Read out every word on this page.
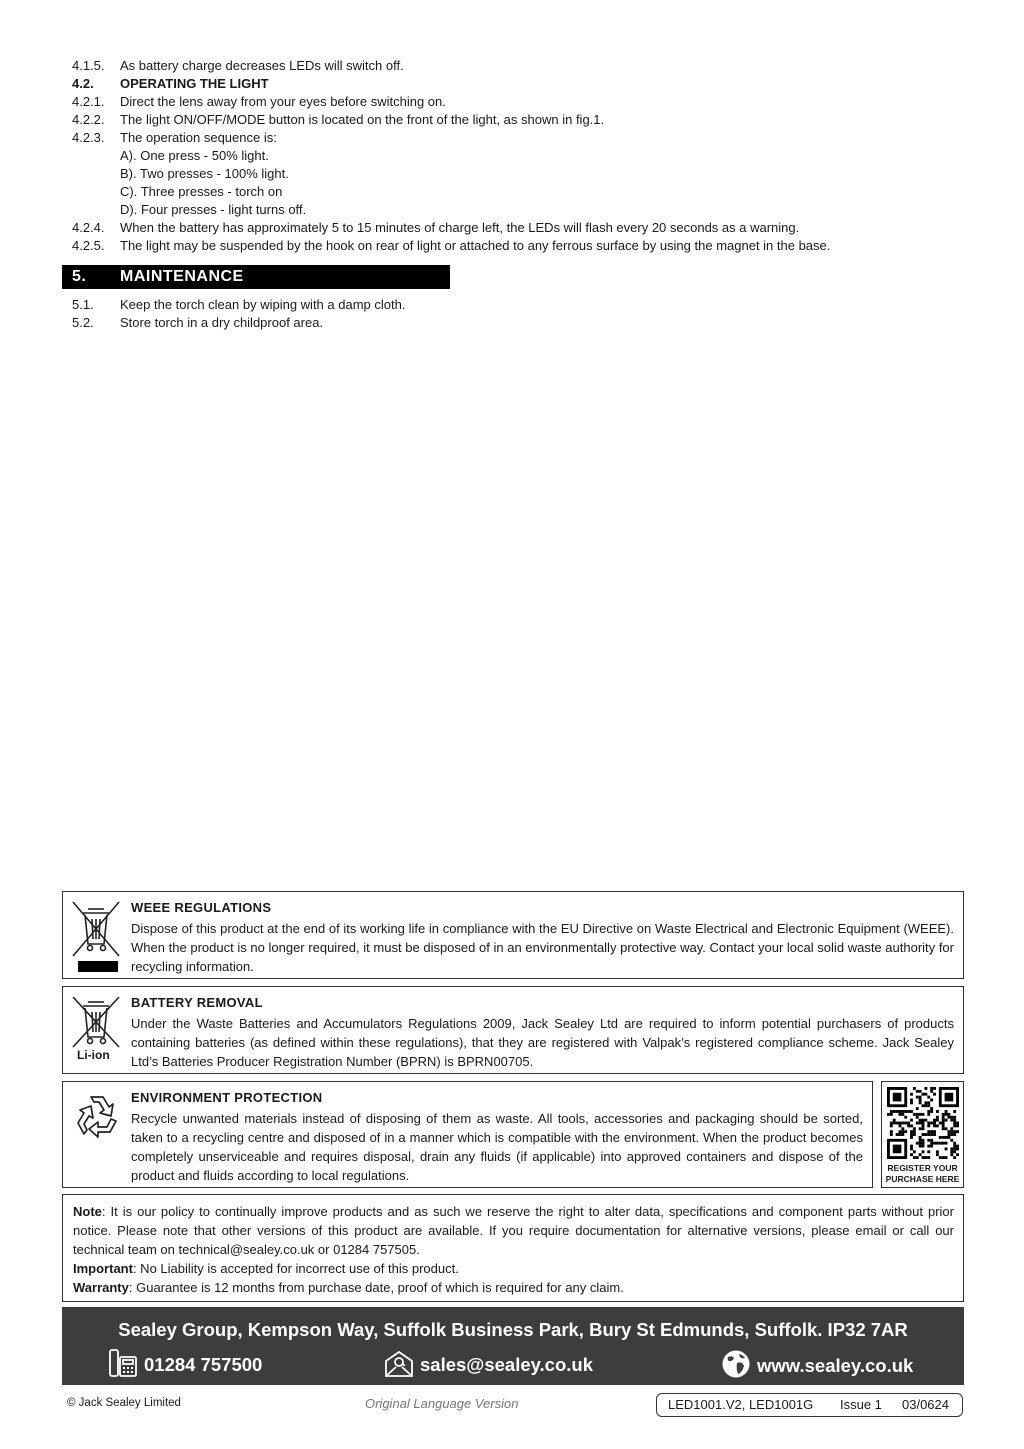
4.1.5. As battery charge decreases LEDs will switch off.
4.2. OPERATING THE LIGHT
4.2.1. Direct the lens away from your eyes before switching on.
4.2.2. The light ON/OFF/MODE button is located on the front of the light, as shown in fig.1.
4.2.3. The operation sequence is:
A). One press - 50% light.
B). Two presses - 100% light.
C). Three presses - torch on
D). Four presses - light turns off.
4.2.4. When the battery has approximately 5 to 15 minutes of charge left, the LEDs will flash every 20 seconds as a warning.
4.2.5. The light may be suspended by the hook on rear of light or attached to any ferrous surface by using the magnet in the base.
5. MAINTENANCE
5.1. Keep the torch clean by wiping with a damp cloth.
5.2. Store torch in a dry childproof area.
WEEE REGULATIONS
Dispose of this product at the end of its working life in compliance with the EU Directive on Waste Electrical and Electronic Equipment (WEEE). When the product is no longer required, it must be disposed of in an environmentally protective way. Contact your local solid waste authority for recycling information.
Li-ion
BATTERY REMOVAL
Under the Waste Batteries and Accumulators Regulations 2009, Jack Sealey Ltd are required to inform potential purchasers of products containing batteries (as defined within these regulations), that they are registered with Valpak’s registered compliance scheme. Jack Sealey Ltd’s Batteries Producer Registration Number (BPRN) is BPRN00705.
ENVIRONMENT PROTECTION
Recycle unwanted materials instead of disposing of them as waste. All tools, accessories and packaging should be sorted, taken to a recycling centre and disposed of in a manner which is compatible with the environment. When the product becomes completely unserviceable and requires disposal, drain any fluids (if applicable) into approved containers and dispose of the product and fluids according to local regulations.	REGISTER YOUR
PURCHASE HERE

Note: It is our policy to continually improve products and as such we reserve the right to alter data, specifications and component parts without prior notice. Please note that other versions of this product are available. If you require documentation for alternative versions, please email or call our technical team on technical@sealey.co.uk or 01284 757505.

Important: No Liability is accepted for incorrect use of this product.

Warranty: Guarantee is 12 months from purchase date, proof of which is required for any claim.

Sealey Group, Kempson Way, Suffolk Business Park, Bury St Edmunds, Suffolk. IP32 7AR
01284 757500	sales@sealey.co.uk	www.sealey.co.uk
© Jack Sealey Limited	Original Language Version	LED1001.V2, LED1001G Issue 1 03/0624
